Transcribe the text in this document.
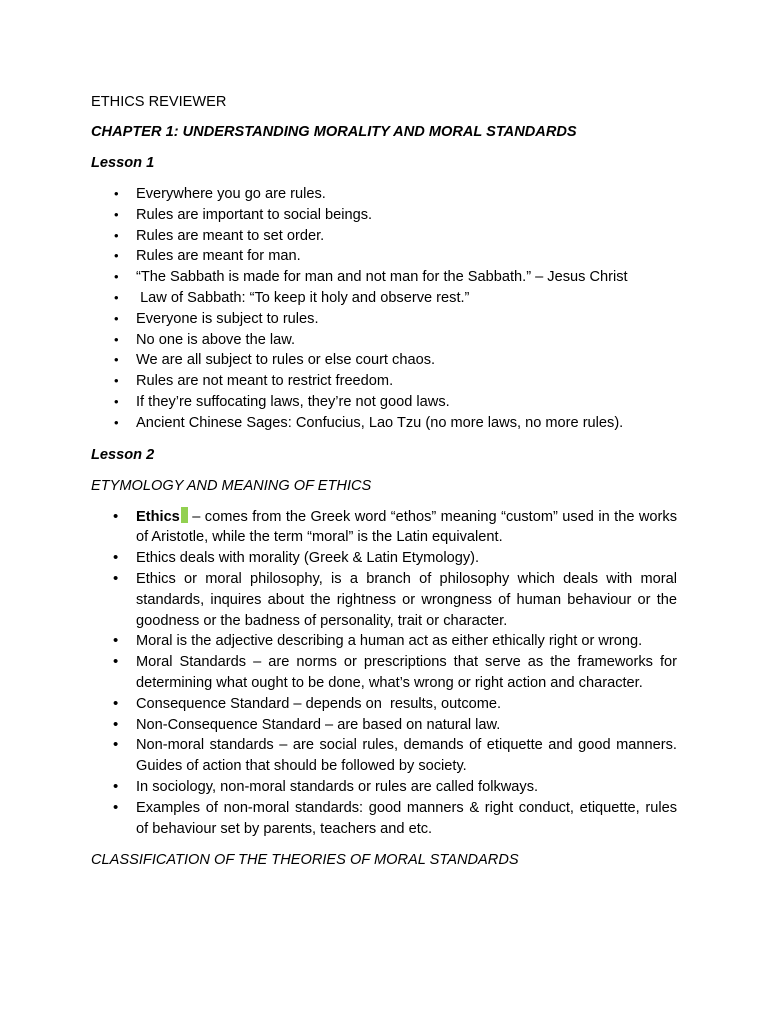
ETHICS REVIEWER

CHAPTER 1: UNDERSTANDING MORALITY AND MORAL STANDARDS

Lesson 1

• Everywhere you go are rules.
• Rules are important to social beings.
• Rules are meant to set order.
• Rules are meant for man.
• “The Sabbath is made for man and not man for the Sabbath.” – Jesus Christ
• Law of Sabbath: “To keep it holy and observe rest.”
• Everyone is subject to rules.
• No one is above the law.
• We are all subject to rules or else court chaos.
• Rules are not meant to restrict freedom.
• If they’re suffocating laws, they’re not good laws.
• Ancient Chinese Sages: Confucius, Lao Tzu (no more laws, no more rules).

Lesson 2

ETYMOLOGY AND MEANING OF ETHICS

• Ethics – comes from the Greek word “ethos” meaning “custom” used in the works of Aristotle, while the term “moral” is the Latin equivalent.
• Ethics deals with morality (Greek & Latin Etymology).
• Ethics or moral philosophy, is a branch of philosophy which deals with moral standards, inquires about the rightness or wrongness of human behaviour or the goodness or the badness of personality, trait or character.
• Moral is the adjective describing a human act as either ethically right or wrong.
• Moral Standards – are norms or prescriptions that serve as the frameworks for determining what ought to be done, what’s wrong or right action and character.
• Consequence Standard – depends on  results, outcome.
• Non-Consequence Standard – are based on natural law.
• Non-moral standards – are social rules, demands of etiquette and good manners. Guides of action that should be followed by society.
• In sociology, non-moral standards or rules are called folkways.
• Examples of non-moral standards: good manners & right conduct, etiquette, rules of behaviour set by parents, teachers and etc.

CLASSIFICATION OF THE THEORIES OF MORAL STANDARDS
